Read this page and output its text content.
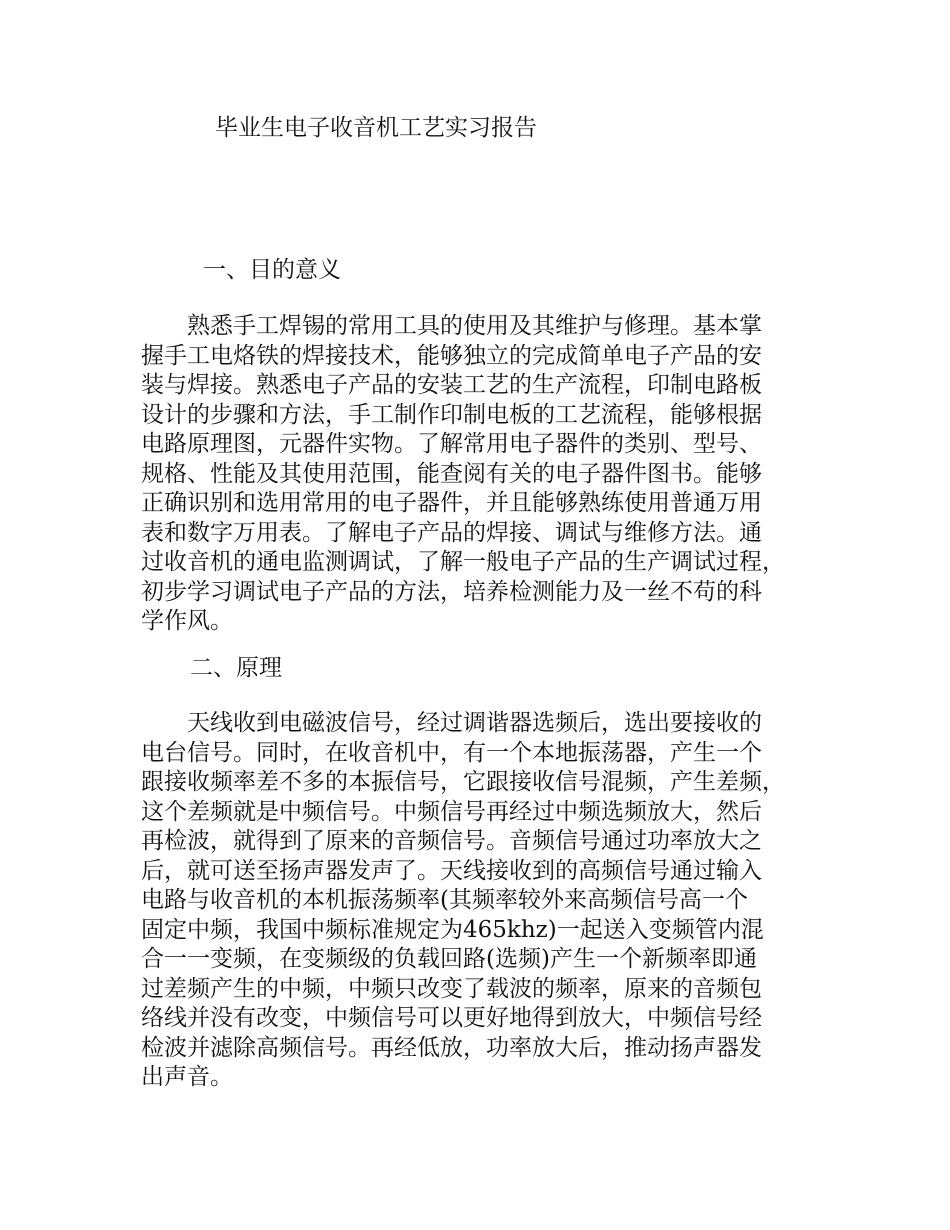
毕业生电子收音机工艺实习报告
一、目的意义
　　熟悉手工焊锡的常用工具的使用及其维护与修理。基本掌
握手工电烙铁的焊接技术，能够独立的完成简单电子产品的安
装与焊接。熟悉电子产品的安装工艺的生产流程，印制电路板
设计的步骤和方法，手工制作印制电板的工艺流程，能够根据
电路原理图，元器件实物。了解常用电子器件的类别、型号、
规格、性能及其使用范围，能查阅有关的电子器件图书。能够
正确识别和选用常用的电子器件，并且能够熟练使用普通万用
表和数字万用表。了解电子产品的焊接、调试与维修方法。通
过收音机的通电监测调试，了解一般电子产品的生产调试过程，
初步学习调试电子产品的方法，培养检测能力及一丝不苟的科
学作风。
二、原理
　　天线收到电磁波信号，经过调谐器选频后，选出要接收的
电台信号。同时，在收音机中，有一个本地振荡器，产生一个
跟接收频率差不多的本振信号，它跟接收信号混频，产生差频，
这个差频就是中频信号。中频信号再经过中频选频放大，然后
再检波，就得到了原来的音频信号。音频信号通过功率放大之
后，就可送至扬声器发声了。天线接收到的高频信号通过输入
电路与收音机的本机振荡频率(其频率较外来高频信号高一个
固定中频，我国中频标准规定为465khz)一起送入变频管内混
合一一变频，在变频级的负载回路(选频)产生一个新频率即通
过差频产生的中频，中频只改变了载波的频率，原来的音频包
络线并没有改变，中频信号可以更好地得到放大，中频信号经
检波并滤除高频信号。再经低放，功率放大后，推动扬声器发
出声音。
